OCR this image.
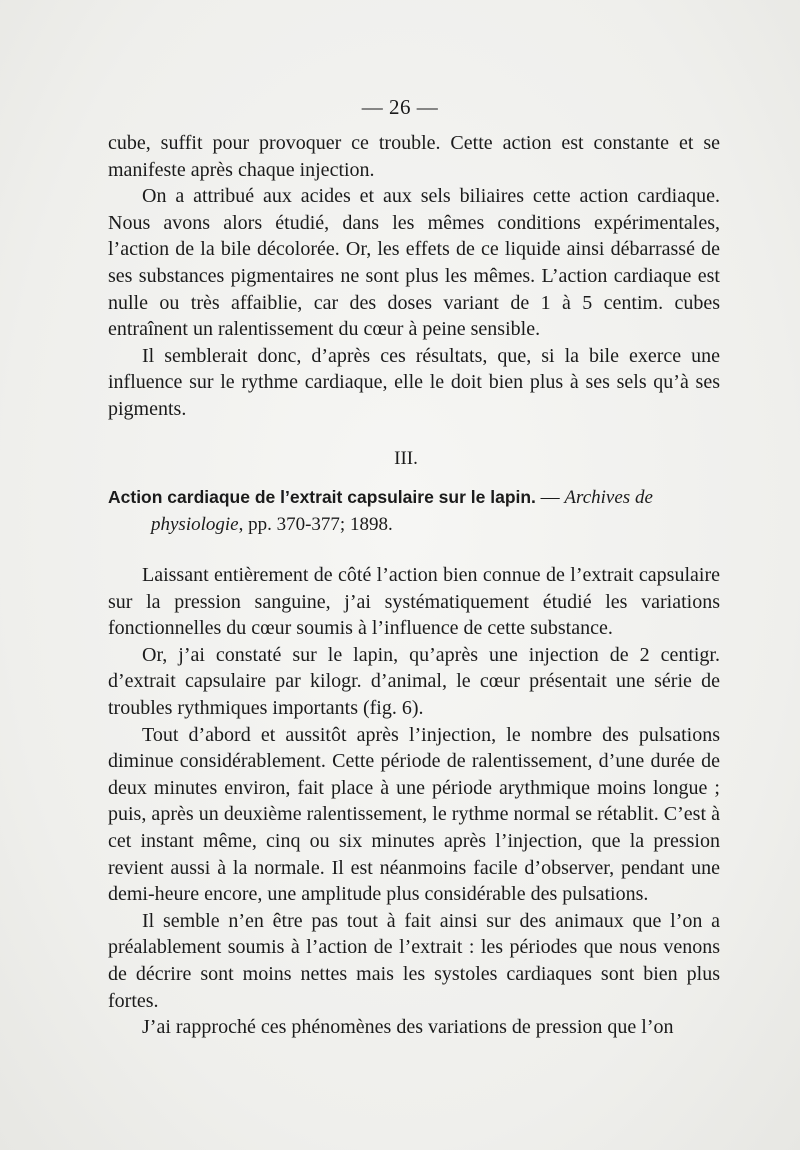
— 26 —

cube, suffit pour provoquer ce trouble. Cette action est constante et se manifeste après chaque injection.

On a attribué aux acides et aux sels biliaires cette action cardiaque. Nous avons alors étudié, dans les mêmes conditions expérimentales, l’action de la bile décolorée. Or, les effets de ce liquide ainsi débarrassé de ses substances pigmentaires ne sont plus les mêmes. L’action cardiaque est nulle ou très affaiblie, car des doses variant de 1 à 5 centim. cubes entraînent un ralentissement du cœur à peine sensible.

Il semblerait donc, d’après ces résultats, que, si la bile exerce une influence sur le rythme cardiaque, elle le doit bien plus à ses sels qu’à ses pigments.

III.
Action cardiaque de l’extrait capsulaire sur le lapin. — Archives de
physiologie, pp. 370-377; 1898.

Laissant entièrement de côté l’action bien connue de l’extrait capsulaire sur la pression sanguine, j’ai systématiquement étudié les variations fonctionnelles du cœur soumis à l’influence de cette substance.

Or, j’ai constaté sur le lapin, qu’après une injection de 2 centigr. d’extrait capsulaire par kilogr. d’animal, le cœur présentait une série de troubles rythmiques importants (fig. 6).

Tout d’abord et aussitôt après l’injection, le nombre des pulsations diminue considérablement. Cette période de ralentissement, d’une durée de deux minutes environ, fait place à une période arythmique moins longue ; puis, après un deuxième ralentissement, le rythme normal se rétablit. C’est à cet instant même, cinq ou six minutes après l’injection, que la pression revient aussi à la normale. Il est néanmoins facile d’observer, pendant une demi-heure encore, une amplitude plus considérable des pulsations.

Il semble n’en être pas tout à fait ainsi sur des animaux que l’on a préalablement soumis à l’action de l’extrait : les périodes que nous venons de décrire sont moins nettes mais les systoles cardiaques sont bien plus fortes.

J’ai rapproché ces phénomènes des variations de pression que l’on
